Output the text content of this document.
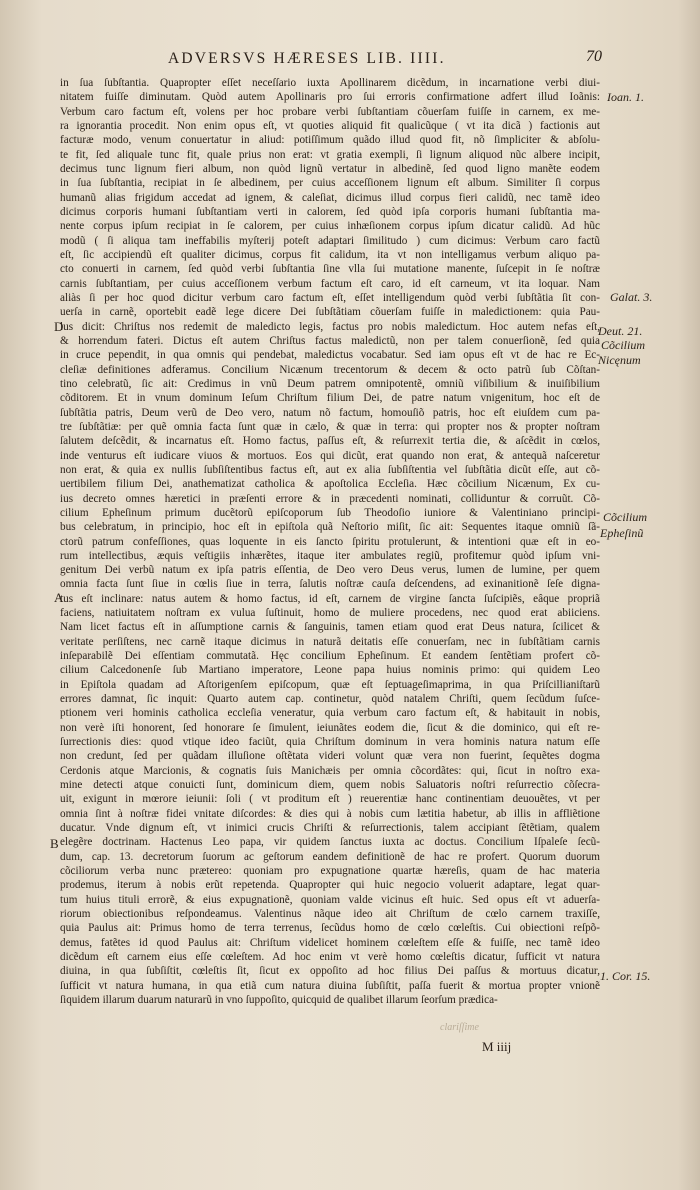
ADVERSVS HÆRESES LIB. IIII.	70
in ſua ſubſtantia. Quapropter eſſet neceſſario iuxta Apollinarem dicẽdum, in incarnatione verbi diui-
nitatem fuiſſe diminutam. Quòd autem Apollinaris pro ſui erroris confirmatione adfert illud Ioãnis:
Verbum caro factum eſt, volens per hoc probare verbi ſubſtantiam cõuerſam fuiſſe in carnem, ex me-
ra ignorantia procedit. Non enim opus eſt, vt quoties aliquid fit qualicũque ( vt ita dicã ) factionis aut
facturæ modo, venum conuertatur in aliud: potiſſimum quãdo illud quod fit, nõ ſimpliciter & abſolu-
te fit, ſed aliquale tunc fit, quale prius non erat: vt gratia exempli, ſi lignum aliquod nũc albere incipit,
decimus tunc lignum fieri album, non quòd lignũ vertatur in albedinẽ, ſed quod ligno manẽte eodem
in ſua ſubſtantia, recipiat in ſe albedinem, per cuius acceſſionem lignum eſt album. Similiter ſi corpus
humanũ alias frigidum accedat ad ignem, & caleſiat, dicimus illud corpus fieri calidũ, nec tamẽ ideo
dicimus corporis humani ſubſtantiam verti in calorem, ſed quòd ipſa corporis humani ſubſtantia ma-
nente corpus ipſum recipiat in ſe calorem, per cuius inhæſionem corpus ipſum dicatur calidũ. Ad hũc
modũ ( ſi aliqua tam ineffabilis myſterij poteſt adaptari ſimilitudo ) cum dicimus: Verbum caro factũ
eſt, ſic accipiendũ eſt qualiter dicimus, corpus fit calidum, ita vt non intelligamus verbum aliquo pa-
cto conuerti in carnem, ſed quòd verbi ſubſtantia ſine vlla ſui mutatione manente, ſuſcepit in ſe noſtræ
carnis ſubſtantiam, per cuius acceſſionem verbum factum eſt caro, id eſt carneum, vt ita loquar. Nam
aliàs ſi per hoc quod dicitur verbum caro factum eſt, eſſet intelligendum quòd verbi ſubſtãtia ſit con-
uerſa in carnẽ, oportebit eadẽ lege dicere Dei ſubſtãtiam cõuerſam fuiſſe in maledictionem: quia Pau-
lus dicit: Chriſtus nos redemit de maledicto legis, factus pro nobis maledictum. Hoc autem nefas eſt,
& horrendum fateri. Dictus eſt autem Chriſtus factus maledictũ, non per talem conuerſionẽ, ſed quia
in cruce pependit, in qua omnis qui pendebat, maledictus vocabatur. Sed iam opus eſt vt de hac re Ec-
cleſiæ definitiones adferamus. Concilium Nicænum trecentorum & decem & octo patrũ ſub Cõſtan-
tino celebratũ, ſic ait: Credimus in vnũ Deum patrem omnipotentẽ, omniũ viſibilium & inuiſibilium
cõditorem. Et in vnum dominum Ieſum Chriſtum filium Dei, de patre natum vnigenitum, hoc eſt de
ſubſtãtia patris, Deum verũ de Deo vero, natum nõ factum, homouſiõ patris, hoc eſt eiuſdem cum pa-
tre ſubſtãtiæ: per quẽ omnia facta ſunt quæ in cælo, & quæ in terra: qui propter nos & propter noſtram
ſalutem deſcẽdit, & incarnatus eſt. Homo factus, paſſus eſt, & reſurrexit tertia die, & aſcẽdit in cœlos,
inde venturus eſt iudicare viuos & mortuos. Eos qui dicũt, erat quando non erat, & antequã naſceretur
non erat, & quia ex nullis ſubſiſtentibus factus eſt, aut ex alia ſubſiſtentia vel ſubſtãtia dicũt eſſe, aut cõ-
uertibilem filium Dei, anathematizat catholica & apoſtolica Eccleſia. Hæc cõcilium Nicænum, Ex cu-
ius decreto omnes hæretici in præſenti errore & in præcedenti nominati, colliduntur & corruũt. Cõ-
cilium Epheſinum primum ducẽtorũ epiſcoporum ſub Theodoſio iuniore & Valentiniano principi-
bus celebratum, in principio, hoc eſt in epiſtola quã Neſtorio miſit, ſic ait: Sequentes itaque omniũ ſã-
ctorũ patrum confeſſiones, quas loquente in eis ſancto ſpiritu protulerunt, & intentioni quæ eſt in eo-
rum intellectibus, æquis veſtigiis inhærẽtes, itaque iter ambulates regiũ, profitemur quòd ipſum vni-
genitum Dei verbũ natum ex ipſa patris eſſentia, de Deo vero Deus verus, lumen de lumine, per quem
omnia facta ſunt ſiue in cœlis ſiue in terra, ſalutis noſtræ cauſa deſcendens, ad exinanitionẽ ſeſe digna-
tus eſt inclinare: natus autem & homo factus, id eſt, carnem de virgine ſancta ſuſcipiẽs, eâque propriã
faciens, natiuitatem noſtram ex vulua ſuſtinuit, homo de muliere procedens, nec quod erat abiiciens.
Nam licet factus eſt in aſſumptione carnis & ſanguinis, tamen etiam quod erat Deus natura, ſcilicet &
veritate perſiſtens, nec carnẽ itaque dicimus in naturã deitatis eſſe conuerſam, nec in ſubſtãtiam carnis
inſeparabilẽ Dei eſſentiam commutatã. Hęc concilium Epheſinum. Et eandem ſentẽtiam profert cõ-
cilium Calcedonenſe ſub Martiano imperatore, Leone papa huius nominis primo: qui quidem Leo
in Epiſtola quadam ad Aſtorigenſem epiſcopum, quæ eſt ſeptuageſimaprima, in qua Priſcillianiſtarũ
errores damnat, ſic inquit: Quarto autem cap. continetur, quòd natalem Chriſti, quem ſecũdum ſuſce-
ptionem veri hominis catholica eccleſia veneratur, quia verbum caro factum eſt, & habitauit in nobis,
non verè iſti honorent, ſed honorare ſe ſimulent, ieiunãtes eodem die, ſicut & die dominico, qui eſt re-
ſurrectionis dies: quod vtique ideo faciũt, quia Chriſtum dominum in vera hominis natura natum eſſe
non credunt, ſed per quãdam illuſione oſtẽtata videri volunt quæ vera non fuerint, ſequẽtes dogma
Cerdonis atque Marcionis, & cognatis ſuis Manichæis per omnia cõcordãtes: qui, ſicut in noſtro exa-
mine detecti atque conuicti ſunt, dominicum diem, quem nobis Saluatoris noſtri reſurrectio cõſecra-
uit, exigunt in mœrore ieiunii: ſoli ( vt proditum eſt ) reuerentiæ hanc continentiam deuouẽtes, vt per
omnia ſint à noſtræ fidei vnitate diſcordes: & dies qui à nobis cum lætitia habetur, ab illis in affliẽtione
ducatur. Vnde dignum eſt, vt inimici crucis Chriſti & reſurrectionis, talem accipiant ſẽtẽtiam, qualem
elegẽre doctrinam. Hactenus Leo papa, vir quidem ſanctus iuxta ac doctus. Concilium Iſpaleſe ſecũ-
dum, cap. 13. decretorum ſuorum ac geſtorum eandem definitionẽ de hac re profert. Quorum duorum
cõciliorum verba nunc prætereo: quoniam pro expugnatione quartæ hæreſis, quam de hac materia
prodemus, iterum à nobis erũt repetenda. Quapropter qui huic negocio voluerit adaptare, legat quar-
tum huius tituli errorẽ, & eius expugnationẽ, quoniam valde vicinus eſt huic. Sed opus eſt vt aduerſa-
riorum obiectionibus reſpondeamus. Valentinus nãque ideo ait Chriſtum de cœlo carnem traxiſſe,
quia Paulus ait: Primus homo de terra terrenus, ſecũdus homo de cœlo cœleſtis. Cui obiectioni reſpõ-
demus, fatẽtes id quod Paulus ait: Chriſtum videlicet hominem cœleſtem eſſe & fuiſſe, nec tamẽ ideo
dicẽdum eſt carnem eius eſſe cœleſtem. Ad hoc enim vt verè homo cœleſtis dicatur, ſufficit vt natura
diuina, in qua ſubſiſtit, cœleſtis ſit, ſicut ex oppoſito ad hoc filius Dei paſſus & mortuus dicatur,
ſufficit vt natura humana, in qua etiã cum natura diuina ſubſiſtit, paſſa fuerit & mortua propter vnionẽ
ſiquidem illarum duarum naturarũ in vno ſuppoſito, quicquid de qualibet illarum ſeorſum prædica-
Ioan. 1.
Galat. 3.
D	Deut. 21.
Cõcilium
Nicęnum
Cõcilium
Epheſinũ
A
B
1. Cor. 15.
clariſſime
M iiij
